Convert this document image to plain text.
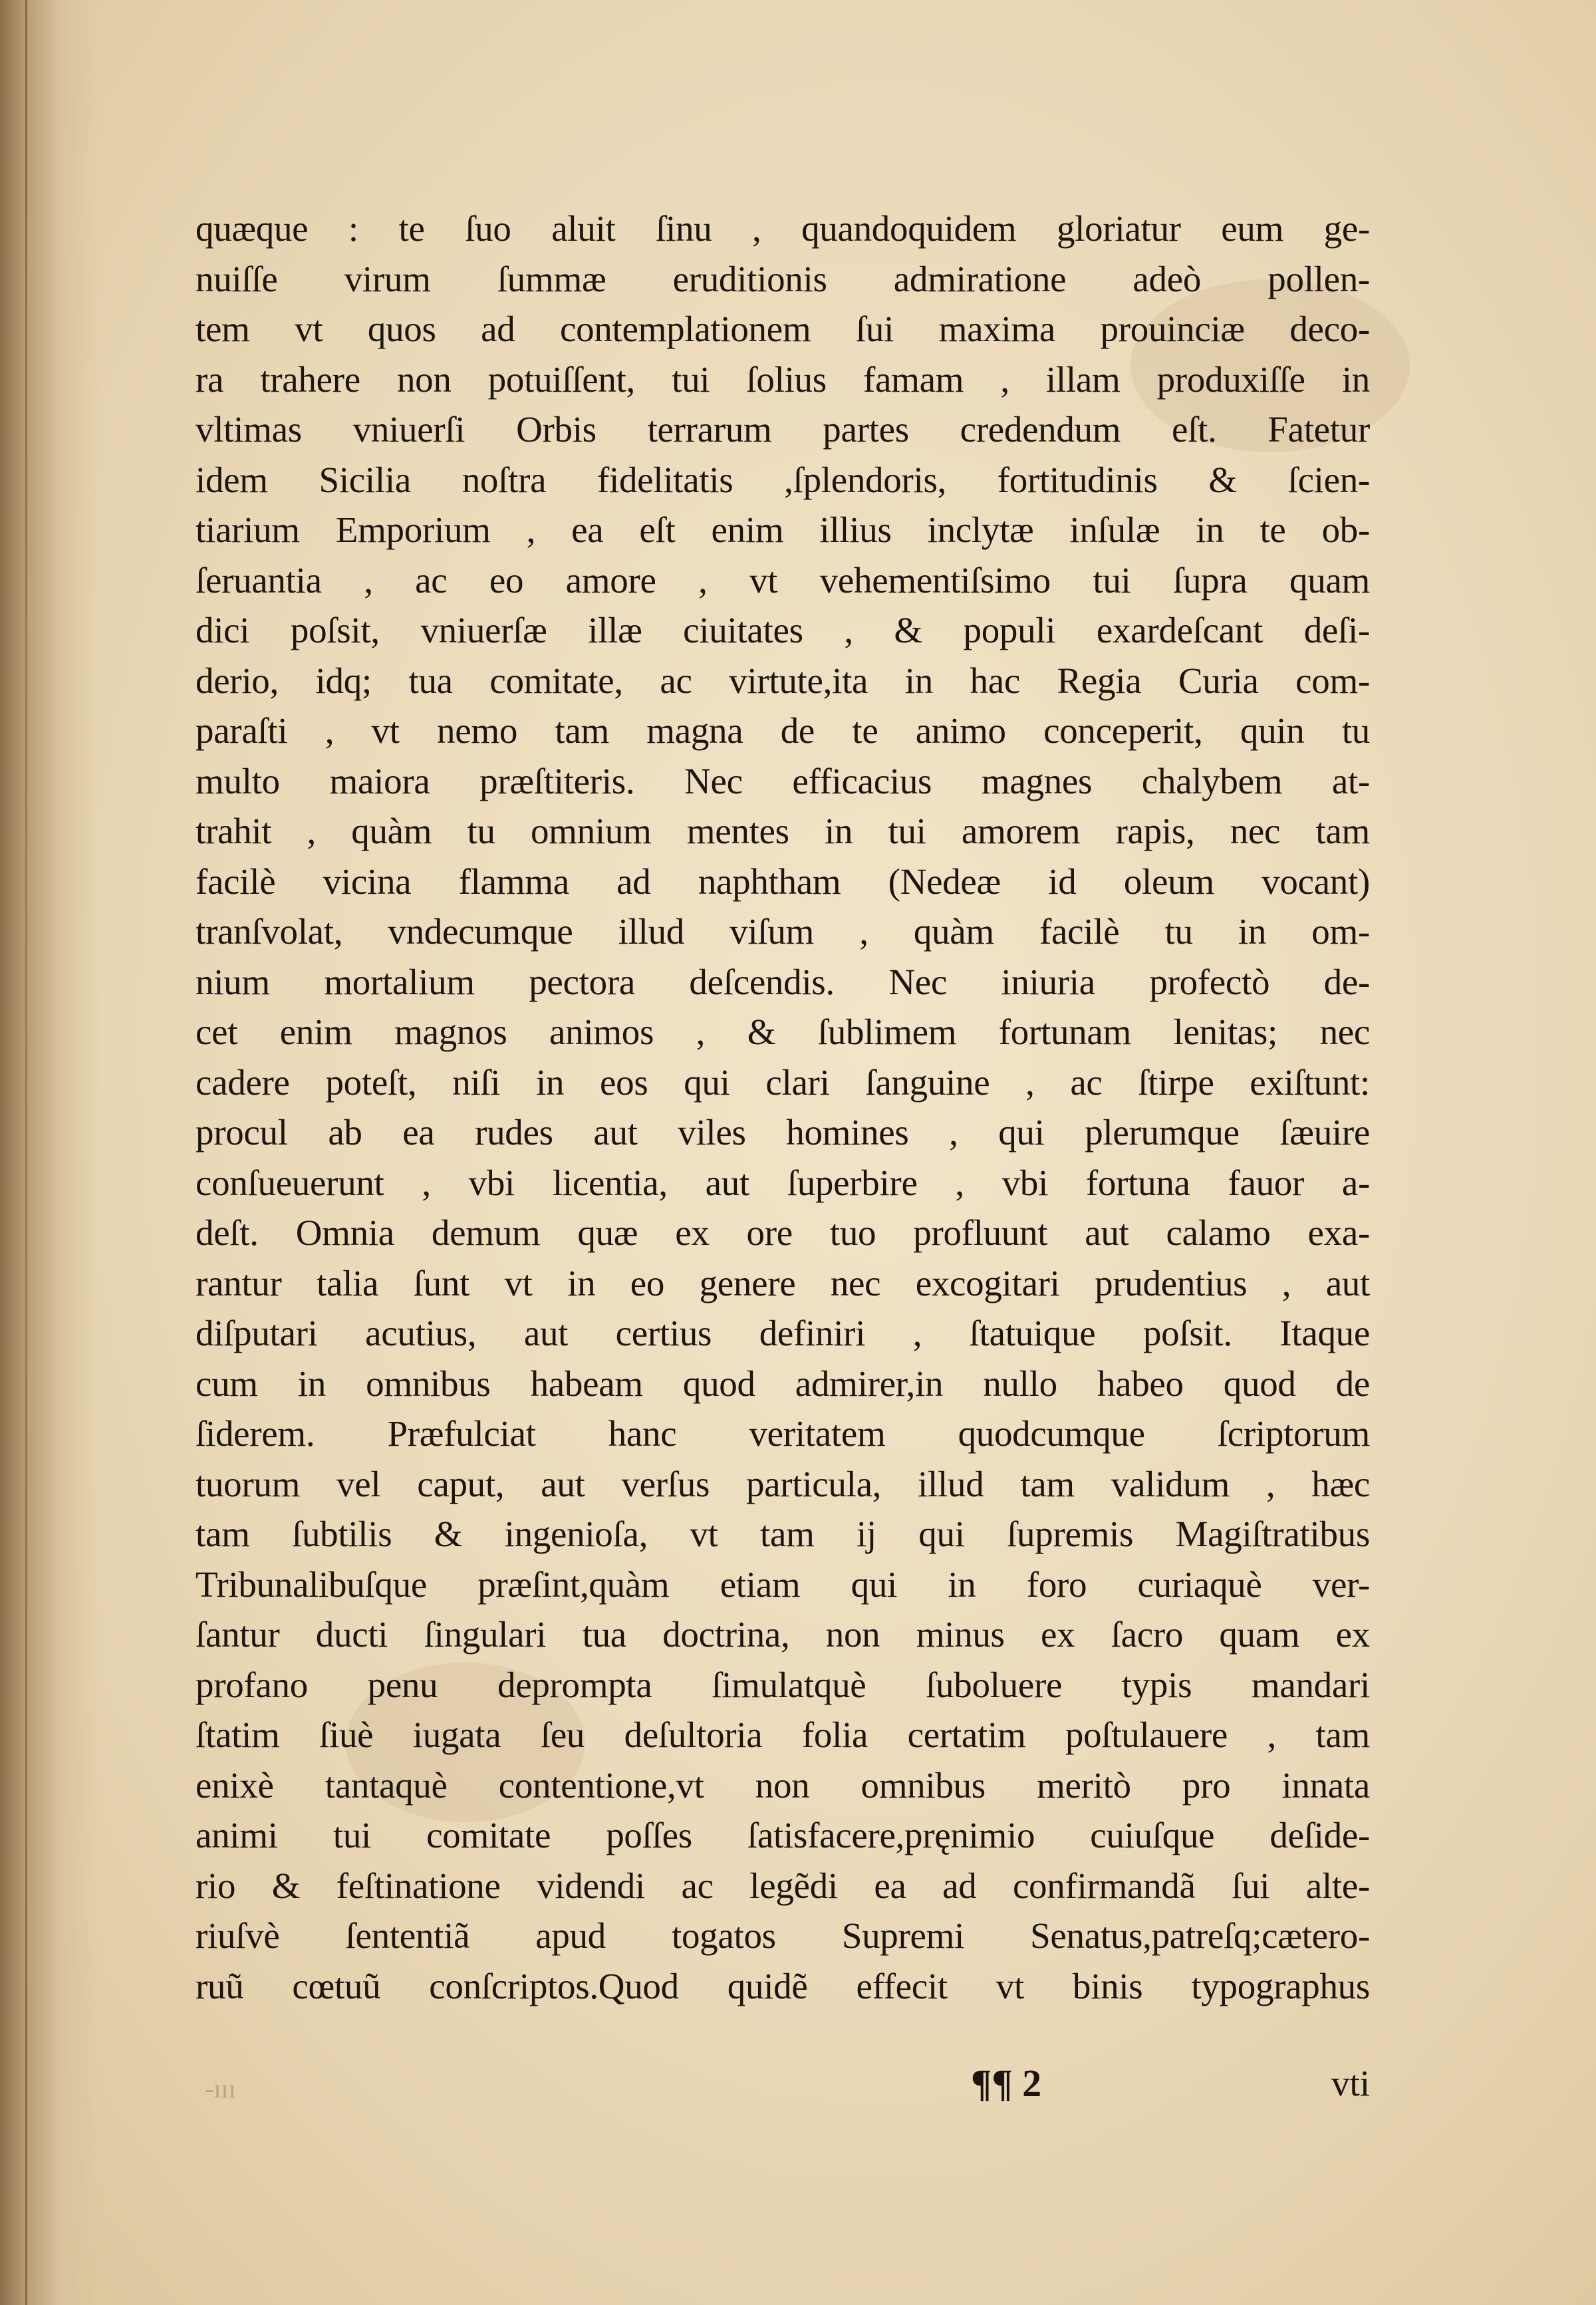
quæque : te ſuo aluit ſinu , quandoquidem gloriatur eum ge-
nuiſſe virum ſummæ eruditionis admiratione adeò pollen-
tem vt quos ad contemplationem ſui maxima prouinciæ deco-
ra trahere non potuiſſent, tui ſolius famam , illam produxiſſe in
vltimas vniuerſi Orbis terrarum partes credendum eſt. Fatetur
idem Sicilia noſtra fidelitatis ,ſplendoris, fortitudinis & ſcien-
tiarium Emporium , ea eſt enim illius inclytæ inſulæ in te ob-
ſeruantia , ac eo amore , vt vehementiſsimo tui ſupra quam
dici poſsit, vniuerſæ illæ ciuitates , & populi exardeſcant deſi-
derio, idq; tua comitate, ac virtute,ita in hac Regia Curia com-
paraſti , vt nemo tam magna de te animo conceperit, quin tu
multo maiora præſtiteris. Nec efficacius magnes chalybem at-
trahit , quàm tu omnium mentes in tui amorem rapis, nec tam
facilè vicina flamma ad naphtham (Nedeæ id oleum vocant)
tranſvolat, vndecumque illud viſum , quàm facilè tu in om-
nium mortalium pectora deſcendis. Nec iniuria profectò de-
cet enim magnos animos , & ſublimem fortunam lenitas; nec
cadere poteſt, niſi in eos qui clari ſanguine , ac ſtirpe exiſtunt:
procul ab ea rudes aut viles homines , qui plerumque ſæuire
conſueuerunt , vbi licentia, aut ſuperbire , vbi fortuna fauor a-
deſt. Omnia demum quæ ex ore tuo profluunt aut calamo exa-
rantur talia ſunt vt in eo genere nec excogitari prudentius , aut
diſputari acutius, aut certius definiri , ſtatuique poſsit. Itaque
cum in omnibus habeam quod admirer,in nullo habeo quod de
ſiderem. Præfulciat hanc veritatem quodcumque ſcriptorum
tuorum vel caput, aut verſus particula, illud tam validum , hæc
tam ſubtilis & ingenioſa, vt tam ij qui ſupremis Magiſtratibus
Tribunalibuſque præſint,quàm etiam qui in foro curiaquè ver-
ſantur ducti ſingulari tua doctrina, non minus ex ſacro quam ex
profano penu deprompta ſimulatquè ſuboluere typis mandari
ſtatim ſiuè iugata ſeu deſultoria folia certatim poſtulauere , tam
enixè tantaquè contentione,vt non omnibus meritò pro innata
animi tui comitate poſſes ſatisfacere,pręnimio cuiuſque deſide-
rio & feſtinatione videndi ac legẽdi ea ad confirmandã ſui alte-
riuſvè ſententiã apud togatos Supremi Senatus,patreſq;cætero-
ruũ cœtuũ conſcriptos.Quod quidẽ effecit vt binis typographus
-ııı	¶¶ 2	vti
